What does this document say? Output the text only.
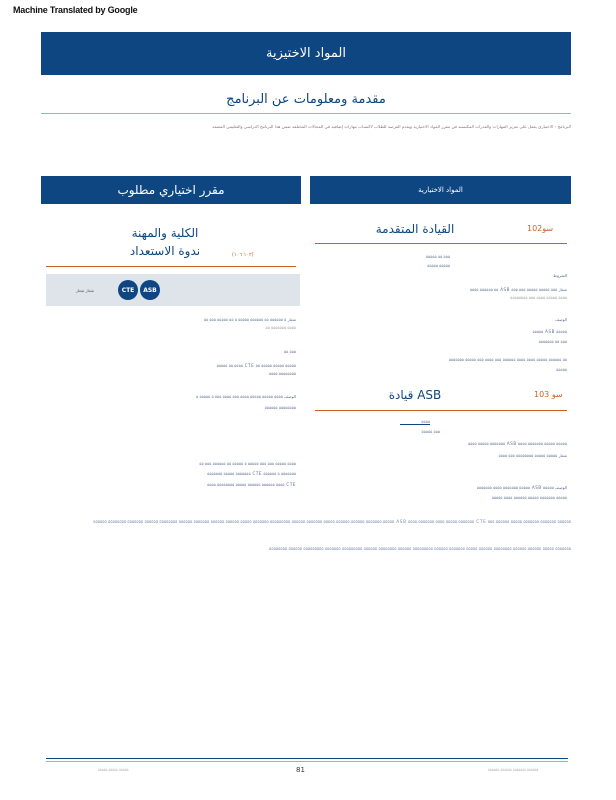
Machine Translated by Google
المواد الاختيزية
مقدمة ومعلومات عن البرنامج
البرنامج - الاختياري يعمل على تعزيز المهارات والقدرات المكتسبة في مقرر المواد الاختيارية ويقدم الفرصة للطلاب لاكتساب مهارات إضافية في المجالات المختلفة ضمن هذا البرنامج الدراسي والتعليمي المعتمد
مقرر اختياري مطلوب	المواد الاختيارية
الكلية والمهنة
ندوة الاستعداد	(١٠٢ ١٠٦)
CTE	ASB
شعار شعار
شعار ٥ ٥٥٥٥٥٥ ٥٥ ٥٥٥٥٥٥ ٥٥٥٥٥ ٥ ٥٥ ٥٥٥٥٥ ٥٥٥ ٥٥
٥٥٥٥ ٥٥٥٥٥٥٥ ٥٥
٥٥٥ ٥٥
٥٥٥٥٥ ٥٥٥٥٥ ٥٥٥٥٥ ٥٥ CTE ٥٥٥٥ ٥٥ ٥٥٥٥٥
٥٥٥٥٥٥٥٥ ٥٥٥٥
الوصف ٥٥٥٥ ٥٥٥٥٥ ٥٥٥٥٥ ٥٥٥٥ ٥٥٥ ٥٥٥٥ ٥٥٥ ٥ ٥٥٥٥٥ ٥
٥٥٥٥٥٥٥٥ ٥٥٥٥٥٥
٥٥٥٥ ٥٥٥٥٥ ٥٥٥ ٥٥٥ ٥٥٥٥٥ ٥ ٥٥٥٥٥ ٥٥ ٥٥٥٥٥٥ ٥٥٥ ٥٥
٥٥٥٥٥٥٥ ٥ ٥٥٥٥٥٥ CTE ٥٥٥٥٥٥٥ ٥٥٥٥٥ ٥٥٥٥٥٥٥
CTE ٥٥٥٥ ٥٥٥٥٥٥ ٥٥٥٥٥٥ ٥٥٥٥٥ ٥٥٥٥٥٥٥٥ ٥٥٥٥
سو102
القيادة المتقدمة
٥٥٥ ٥٥ ٥٥٥٥٥
٥٥٥٥٥ ٥٥٥٥٥
الشروط
شعار ٥٥٥ ٥٥٥٥٥ ٥٥٥٥٥ ٥٥٥ ٥٥٥ ASB ٥٥ ٥٥٥٥٥٥ ٥٥٥٥
٥٥٥٥ ٥٥٥٥٥ ٥٥٥٥ ٥٥٥ ٥٥٥٥٥٥٥٥
الوصف
٥٥٥٥٥ ASB ٥٥٥٥٥
٥٥٥ ٥٥ ٥٥٥٥٥٥٥
٥٥ ٥٥٥٥٥٥ ٥٥٥٥٥ ٥٥٥٥ ٥٥٥٥ ٥٥٥٥٥٥ ٥٥٥ ٥٥٥٥ ٥٥٥ ٥٥٥٥٥ ٥٥٥٥٥٥٥
٥٥٥٥٥
103 سو
قيادة ASB
٥٥٥٥
٥٥٥ ٥٥٥٥٥
٥٥٥٥٥ ٥٥٥٥٥ ٥٥٥٥٥٥٥ ٥٥٥٥ ASB ٥٥٥٥٥٥٥ ٥٥٥٥٥ ٥٥٥٥
شعار ٥٥٥٥٥ ٥٥٥٥٥ ٥٥٥٥٥٥٥٥ ٥٥٥ ٥٥٥٥
الوصف ٥٥٥٥٥ ASB ٥٥٥٥٥ ٥٥٥٥٥٥٥ ٥٥٥٥ ٥٥٥٥٥٥٥
٥٥٥٥٥ ٥٥٥٥٥٥٥ ٥٥٥٥٥ ٥٥٥٥٥٥ ٥٥٥٥ ٥٥٥٥٥
٥٥٥٥٥٥ ٥٥٥٥٥٥٥ ٥٥٥٥٥٥٥ ٥٥٥٥٥ ٥٥٥٥٥٥ ٥٥٥ CTE ٥٥٥٥٥٥٥ ٥٥٥٥٥ ٥٥٥٥ ٥٥٥٥٥٥٥ ٥٥٥٥ ASB ٥٥٥٥٥ ٥٥٥٥٥٥٥ ٥٥٥٥٥٥ ٥٥٥٥٥٥ ٥٥٥٥٥ ٥٥٥٥٥٥٥ ٥٥٥٥٥٥ ٥٥٥٥٥٥٥٥٥ ٥٥٥٥٥٥٥ ٥٥٥٥٥ ٥٥٥٥٥٥ ٥٥٥٥٥٥ ٥٥٥٥٥٥٥ ٥٥٥٥٥٥ ٥٥٥٥٥٥٥٥ ٥٥٥٥٥٥ ٥٥٥٥٥٥٥ ٥٥٥٥٥٥٥٥ ٥٥٥٥٥٥
٥٥٥٥٥٥٥ ٥٥٥٥٥ ٥٥٥٥٥٥ ٥٥٥٥٥٥ ٥٥٥٥٥٥٥٥ ٥٥٥٥٥٥ ٥٥٥٥٥ ٥٥٥٥٥٥٥ ٥٥٥٥٥٥ ٥٥٥٥٥٥٥٥٥ ٥٥٥٥٥٥ ٥٥٥٥٥٥٥٥ ٥٥٥٥٥٥ ٥٥٥٥٥٥٥٥٥ ٥٥٥٥٥٥٥ ٥٥٥٥٥٥٥٥٥ ٥٥٥٥٥٥ ٥٥٥٥٥٥٥٥
٥٥٥٥٥ ٥٥٥٥٥ ٥٥٥٥٥	81	٥٥٥٥٥٥ ٥٥٥٥٥٥٥ ٥٥٥٥٥٥ ٥٥٥٥٥٥
